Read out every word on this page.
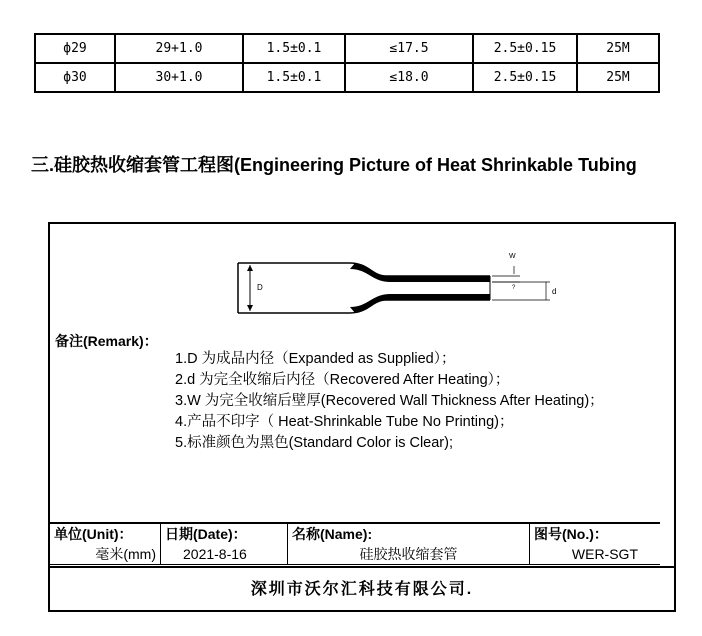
ф29	29+1.0	1.5±0.1	≤17.5	2.5±0.15	25M
ф30	30+1.0	1.5±0.1	≤18.0	2.5±0.15	25M
三.硅胶热收缩套管工程图(Engineering Picture of Heat Shrinkable Tubing
D
W
?	d
备注(Remark)：
1.D 为成品内径（Expanded as Supplied）；
2.d 为完全收缩后内径（Recovered After Heating）；
3.W 为完全收缩后壁厚(Recovered Wall Thickness After Heating)；
4.产品不印字（ Heat-Shrinkable Tube No Printing)；
5.标准颜色为黑色(Standard Color is Clear);
单位(Unit)：
毫米(mm)

日期(Date)：
2021-8-16

名称(Name):
硅胶热收缩套管

图号(No.)：
WER-SGT
深圳市沃尔汇科技有限公司.
